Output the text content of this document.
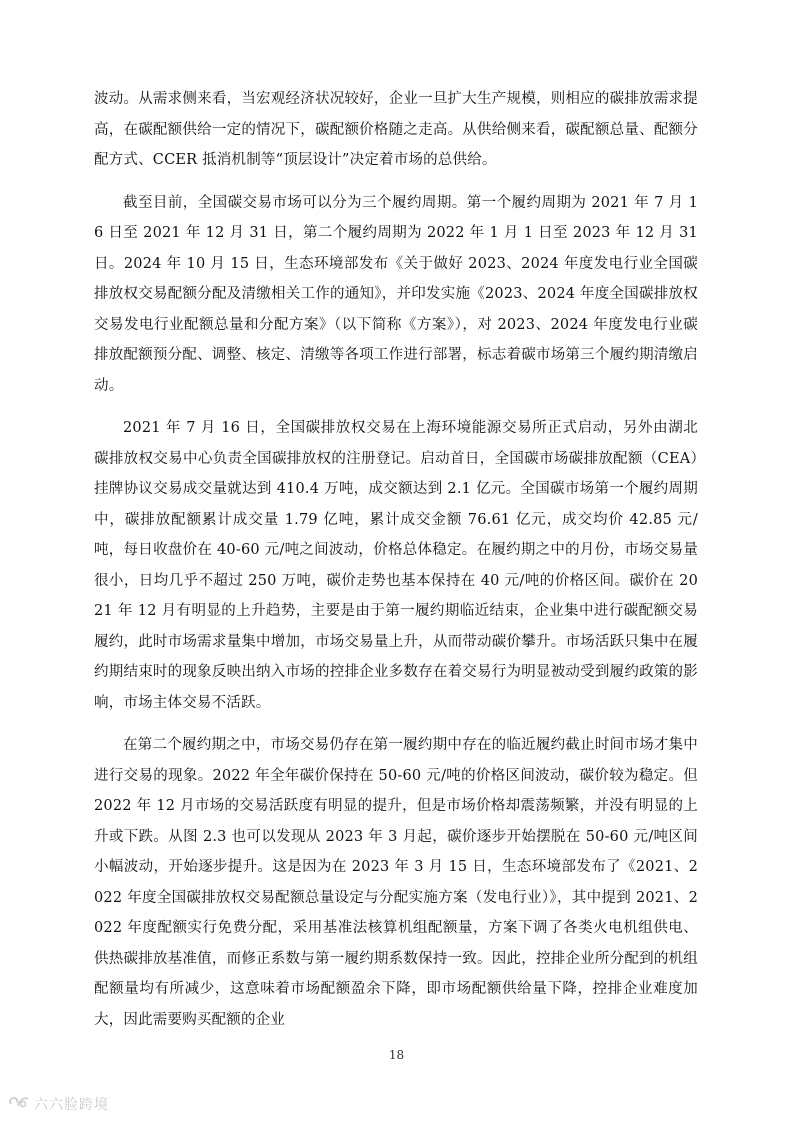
波动。从需求侧来看，当宏观经济状况较好，企业一旦扩大生产规模，则相应的碳排放需求提高，在碳配额供给一定的情况下，碳配额价格随之走高。从供给侧来看，碳配额总量、配额分配方式、CCER 抵消机制等“顶层设计”决定着市场的总供给。

截至目前，全国碳交易市场可以分为三个履约周期。第一个履约周期为 2021 年 7 月 16 日至 2021 年 12 月 31 日，第二个履约周期为 2022 年 1 月 1 日至 2023 年 12 月 31 日。2024 年 10 月 15 日，生态环境部发布《关于做好 2023、2024 年度发电行业全国碳排放权交易配额分配及清缴相关工作的通知》，并印发实施《2023、2024 年度全国碳排放权交易发电行业配额总量和分配方案》（以下简称《方案》），对 2023、2024 年度发电行业碳排放配额预分配、调整、核定、清缴等各项工作进行部署，标志着碳市场第三个履约期清缴启动。

2021 年 7 月 16 日，全国碳排放权交易在上海环境能源交易所正式启动，另外由湖北碳排放权交易中心负责全国碳排放权的注册登记。启动首日，全国碳市场碳排放配额（CEA）挂牌协议交易成交量就达到 410.4 万吨，成交额达到 2.1 亿元。全国碳市场第一个履约周期中，碳排放配额累计成交量 1.79 亿吨，累计成交金额 76.61 亿元，成交均价 42.85 元/吨，每日收盘价在 40-60 元/吨之间波动，价格总体稳定。在履约期之中的月份，市场交易量很小，日均几乎不超过 250 万吨，碳价走势也基本保持在 40 元/吨的价格区间。碳价在 2021 年 12 月有明显的上升趋势，主要是由于第一履约期临近结束，企业集中进行碳配额交易履约，此时市场需求量集中增加，市场交易量上升，从而带动碳价攀升。市场活跃只集中在履约期结束时的现象反映出纳入市场的控排企业多数存在着交易行为明显被动受到履约政策的影响，市场主体交易不活跃。

在第二个履约期之中，市场交易仍存在第一履约期中存在的临近履约截止时间市场才集中进行交易的现象。2022 年全年碳价保持在 50-60 元/吨的价格区间波动，碳价较为稳定。但 2022 年 12 月市场的交易活跃度有明显的提升，但是市场价格却震荡频繁，并没有明显的上升或下跌。从图 2.3 也可以发现从 2023 年 3 月起，碳价逐步开始摆脱在 50-60 元/吨区间小幅波动，开始逐步提升。这是因为在 2023 年 3 月 15 日，生态环境部发布了《2021、2022 年度全国碳排放权交易配额总量设定与分配实施方案（发电行业）》，其中提到 2021、2022 年度配额实行免费分配，采用基准法核算机组配额量，方案下调了各类火电机组供电、供热碳排放基准值，而修正系数与第一履约期系数保持一致。因此，控排企业所分配到的机组配额量均有所减少，这意味着市场配额盈余下降，即市场配额供给量下降，控排企业难度加大，因此需要购买配额的企业

18
六六脸跨境
